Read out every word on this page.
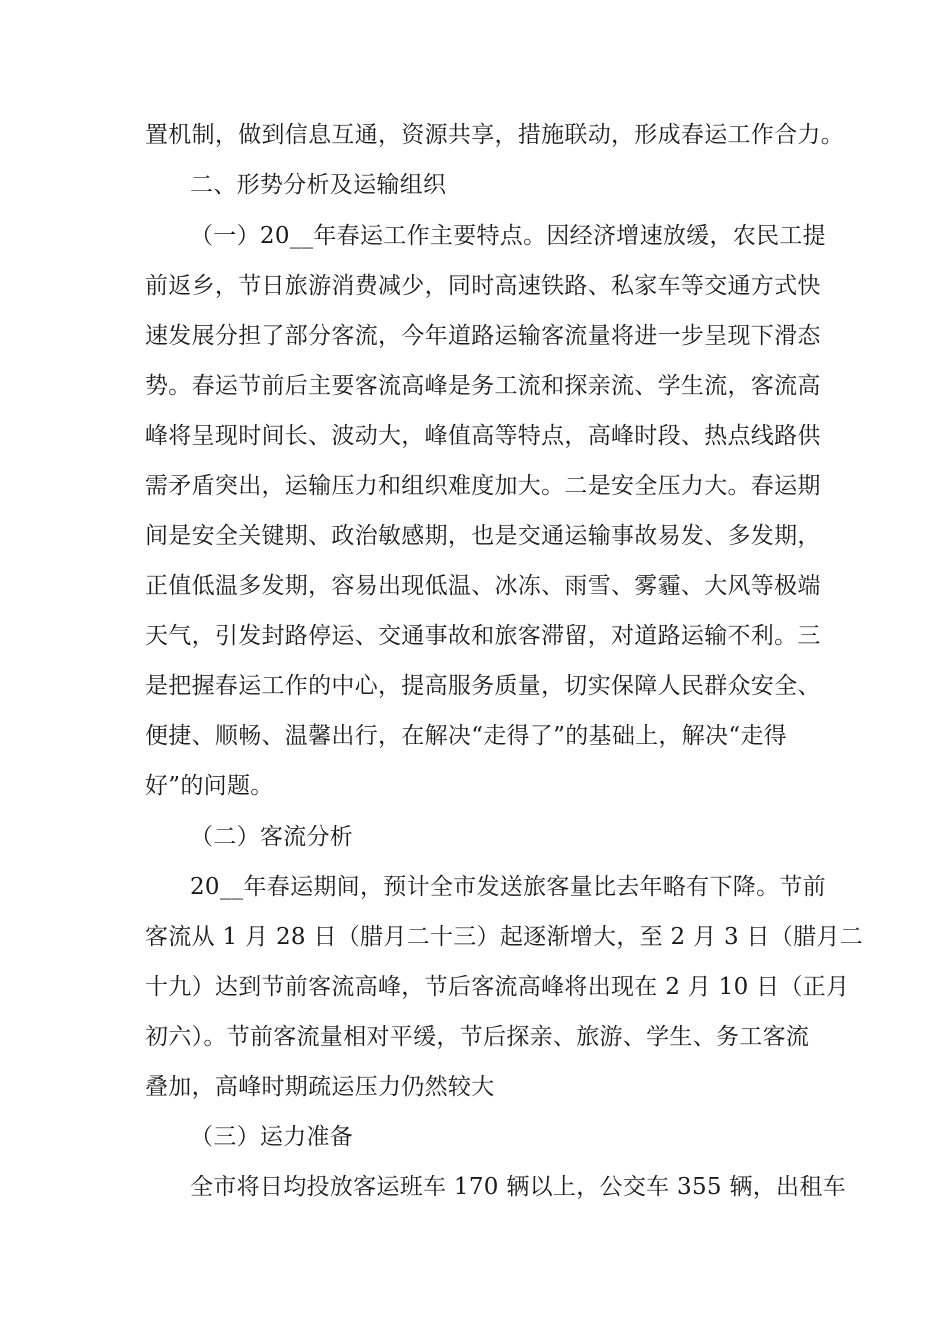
置机制，做到信息互通，资源共享，措施联动，形成春运工作合力。
二、形势分析及运输组织
（一）20__年春运工作主要特点。因经济增速放缓，农民工提
前返乡，节日旅游消费减少，同时高速铁路、私家车等交通方式快
速发展分担了部分客流，今年道路运输客流量将进一步呈现下滑态
势。春运节前后主要客流高峰是务工流和探亲流、学生流，客流高
峰将呈现时间长、波动大，峰值高等特点，高峰时段、热点线路供
需矛盾突出，运输压力和组织难度加大。二是安全压力大。春运期
间是安全关键期、政治敏感期，也是交通运输事故易发、多发期，
正值低温多发期，容易出现低温、冰冻、雨雪、雾霾、大风等极端
天气，引发封路停运、交通事故和旅客滞留，对道路运输不利。三
是把握春运工作的中心，提高服务质量，切实保障人民群众安全、
便捷、顺畅、温馨出行，在解决“走得了”的基础上，解决“走得
好”的问题。
（二）客流分析
20__年春运期间，预计全市发送旅客量比去年略有下降。节前
客流从 1 月 28 日（腊月二十三）起逐渐增大，至 2 月 3 日（腊月二
十九）达到节前客流高峰，节后客流高峰将出现在 2 月 10 日（正月
初六）。节前客流量相对平缓，节后探亲、旅游、学生、务工客流
叠加，高峰时期疏运压力仍然较大
（三）运力准备
全市将日均投放客运班车 170 辆以上，公交车 355 辆，出租车
